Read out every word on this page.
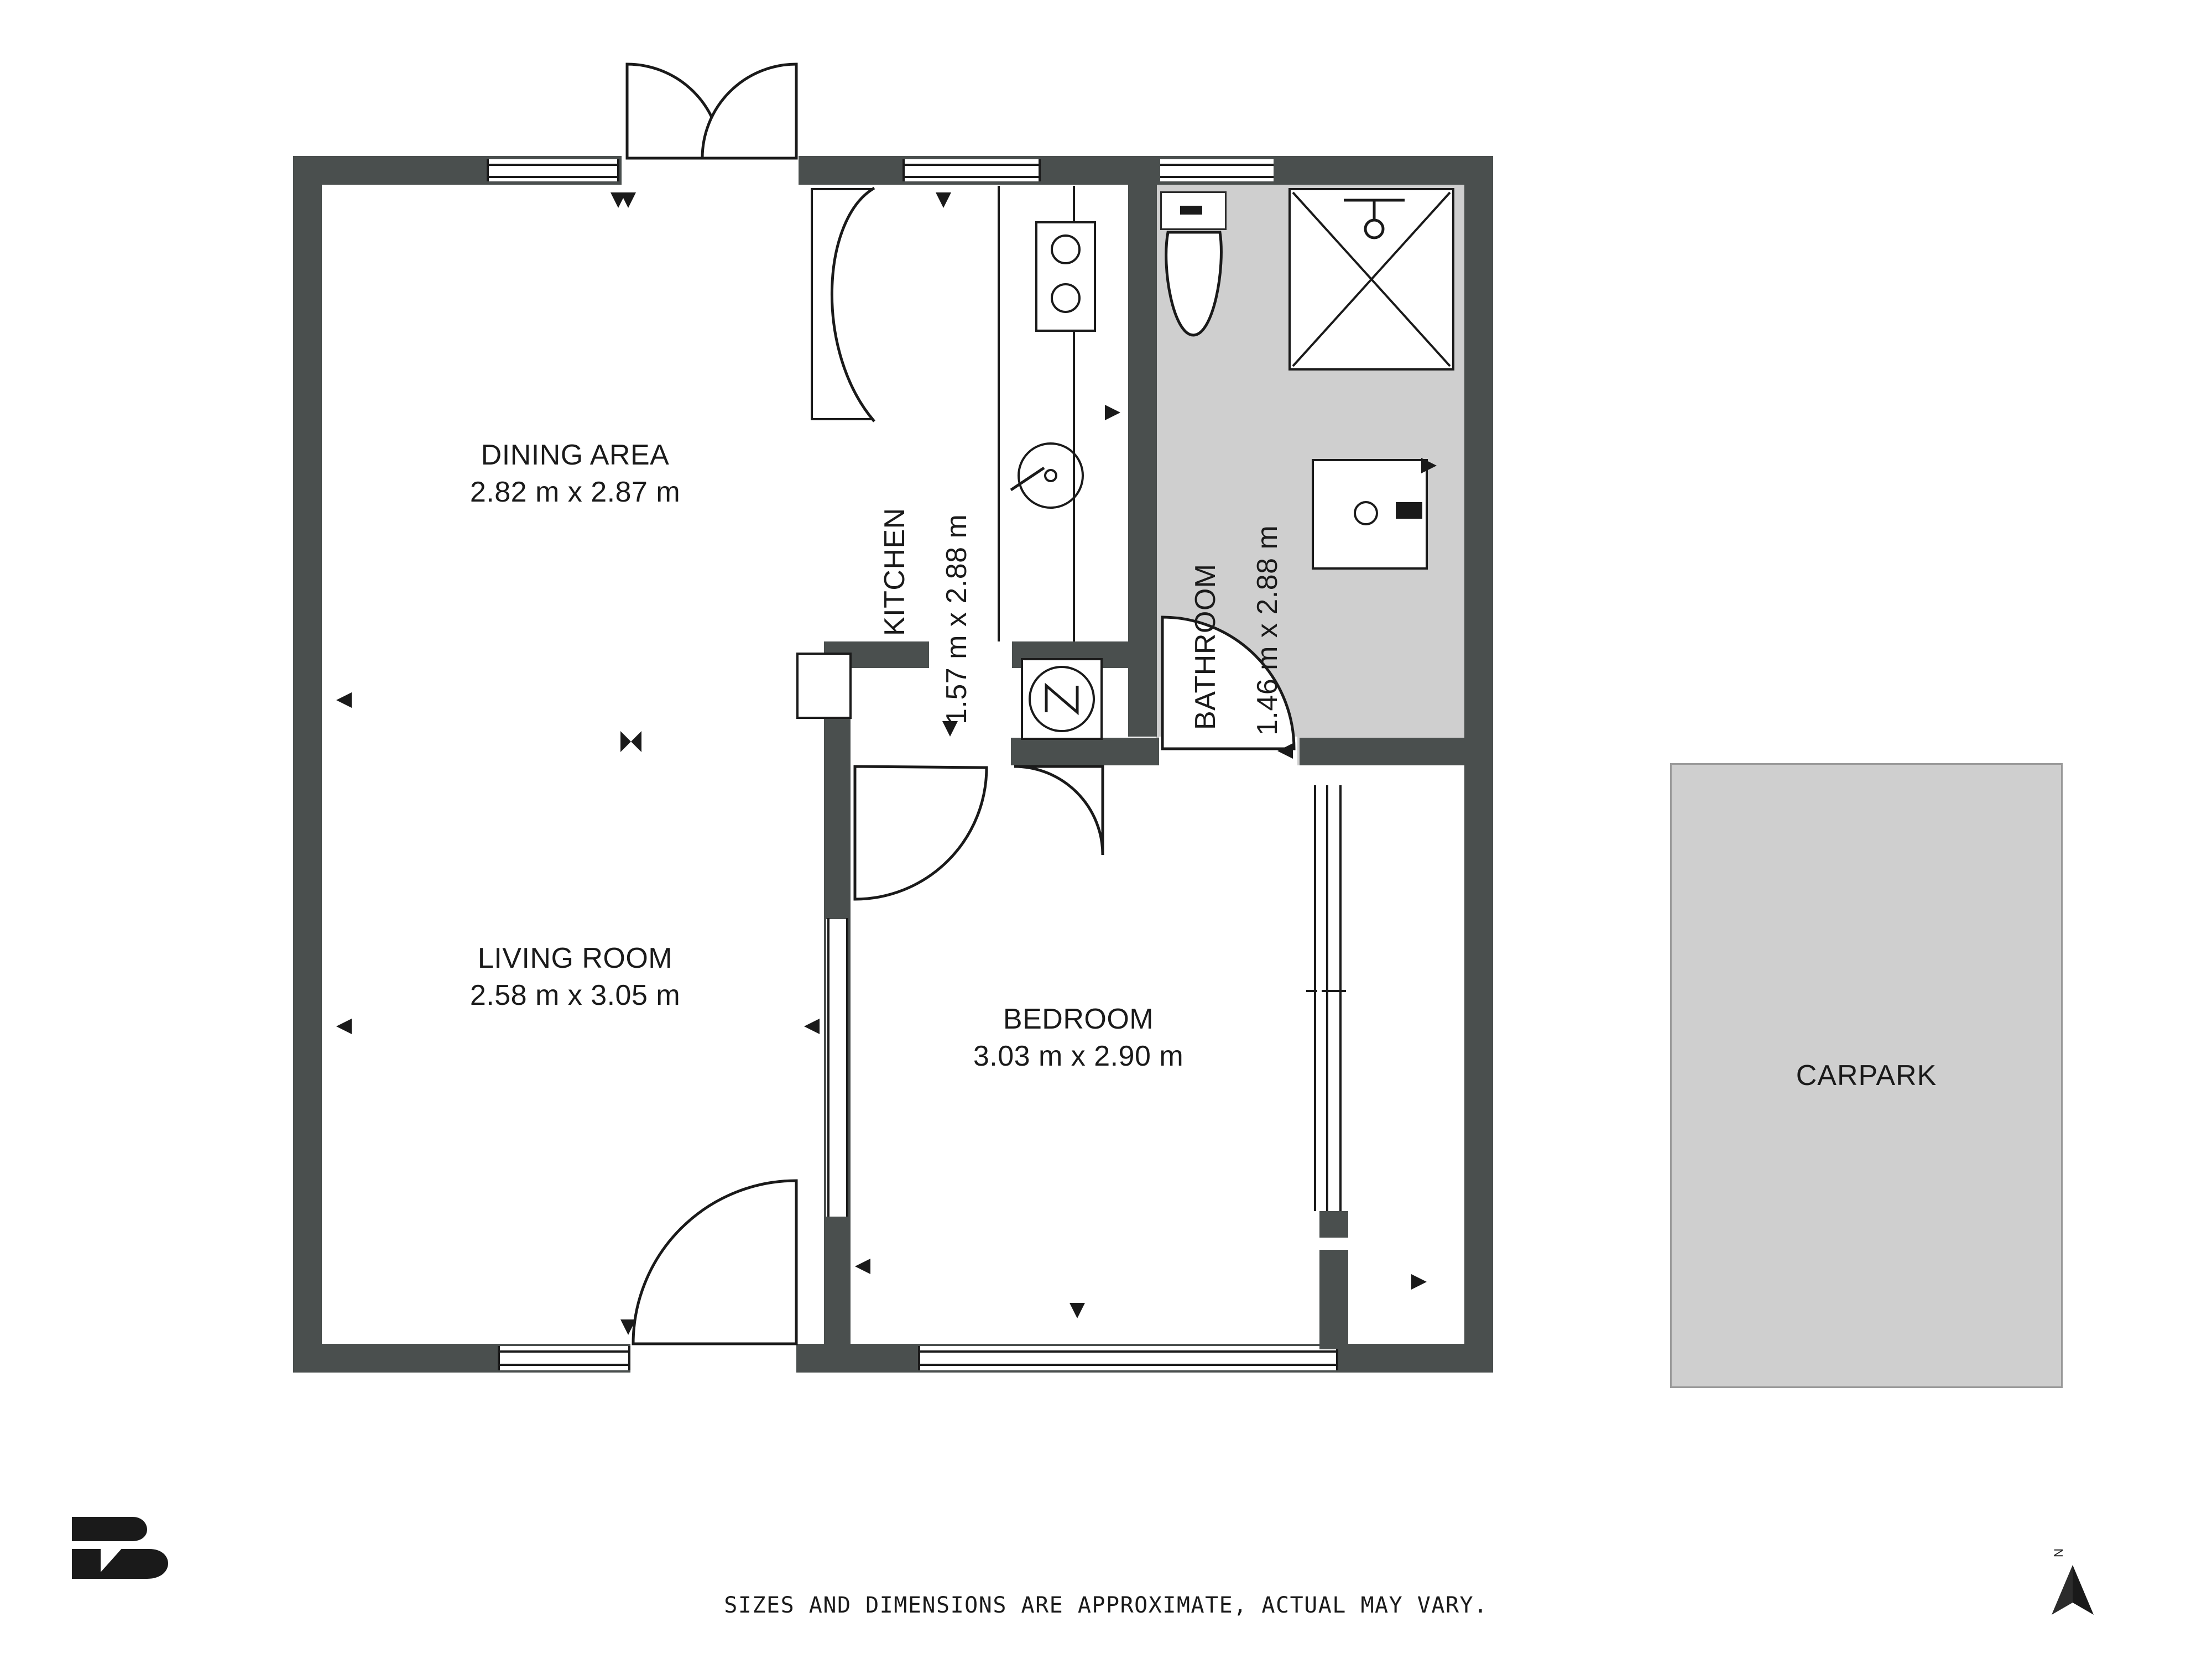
DINING AREA
2.82 m x 2.87 m
LIVING ROOM
2.58 m x 3.05 m
BEDROOM
3.03 m x 2.90 m
KITCHEN 1.57 m x 2.88 m	BATHROOM 1.46 m x 2.88 m
CARPARK
N
SIZES AND DIMENSIONS ARE APPROXIMATE, ACTUAL MAY VARY.
